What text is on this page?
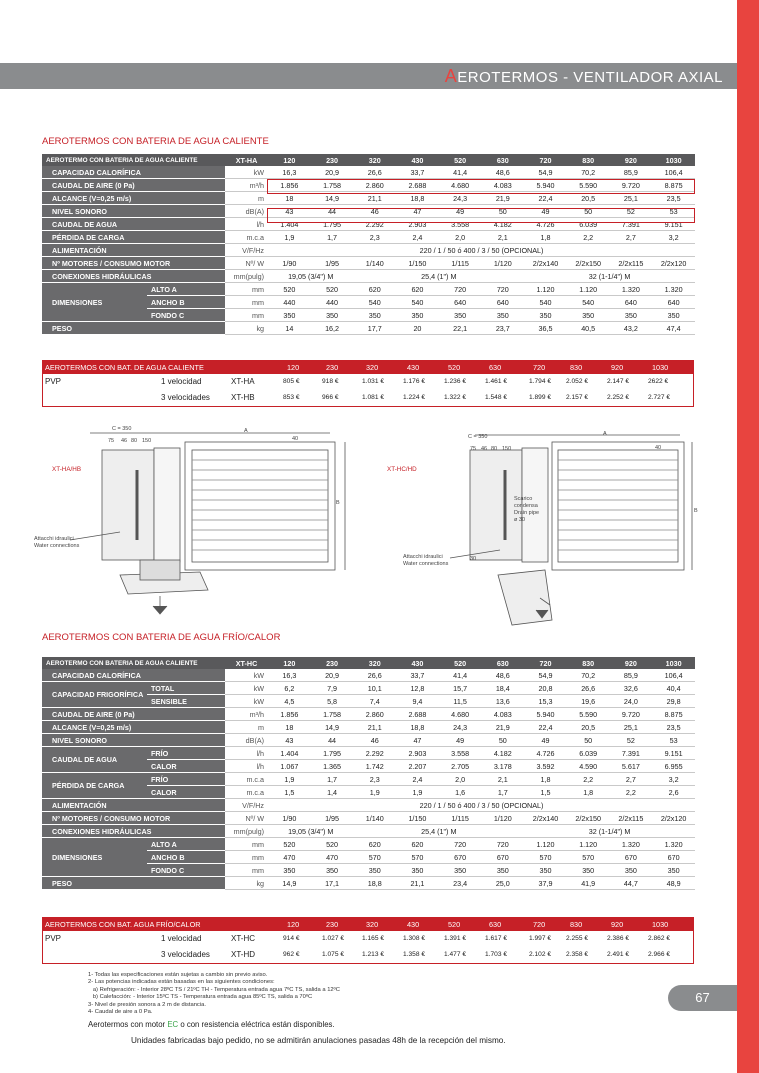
AEROTERMOS - VENTILADOR AXIAL
AEROTERMOS CON BATERIA DE AGUA CALIENTE
AEROTERMO CON BATERIA DE AGUA CALIENTE		XT-HA	120	230	320	430	520	630	720	830	920	1030
CAPACIDAD CALORÍFICA		kW	16,3	20,9	26,6	33,7	41,4	48,6	54,9	70,2	85,9	106,4
CAUDAL DE AIRE (0 Pa)		m³/h	1.856	1.758	2.860	2.688	4.680	4.083	5.940	5.590	9.720	8.875
ALCANCE (V=0,25 m/s)		m	18	14,9	21,1	18,8	24,3	21,9	22,4	20,5	25,1	23,5
NIVEL SONORO		dB(A)	43	44	46	47	49	50	49	50	52	53
CAUDAL DE AGUA		l/h	1.404	1.795	2.292	2.903	3.558	4.182	4.726	6.039	7.391	9.151
PÉRDIDA DE CARGA		m.c.a	1,9	1,7	2,3	2,4	2,0	2,1	1,8	2,2	2,7	3,2
ALIMENTACIÓN		V/F/Hz	220 / 1 / 50 ó 400 / 3 / 50 (OPCIONAL)									
Nº MOTORES / CONSUMO MOTOR		Nº/ W	1/90	1/95	1/140	1/150	1/115	1/120	2/2x140	2/2x150	2/2x115	2/2x120
CONEXIONES HIDRÁULICAS		mm(pulg)	19,05 (3/4") M		25,4 (1") M				32 (1-1/4") M			
DIMENSIONES	ALTO A	mm	520	520	620	620	720	720	1.120	1.120	1.320	1.320
	ANCHO B	mm	440	440	540	540	640	640	540	540	640	640
	FONDO C	mm	350	350	350	350	350	350	350	350	350	350
PESO		kg	14	16,2	17,7	20	22,1	23,7	36,5	40,5	43,2	47,4
AEROTERMOS CON BAT. DE AGUA CALIENTE	120	230	320	430	520	630	720	830	920	1030
PVP	1 velocidad	XT-HA	805 €	918 €	1.031 €	1.176 €	1.236 €	1.461 €	1.794 € 2.052 €	2.147 €	2622 €
3 velocidades	XT-HB	853 €	966 €	1.081 €	1.224 €	1.322 €	1.548 €	1.899 € 2.157 €	2.252 €	2.727 €
XT-HA/HB	XT-HC/HD
C = 350
C = 350
75 46 80 150
75 46 80 150
A	A
B
B
40
40
30
Attacchi idraulici
Water connections
Attacchi idraulici
Water connections
Scarico
condensa
Drain pipe
ø 30
AEROTERMOS CON BATERIA DE AGUA FRÍO/CALOR
AEROTERMO CON BATERIA DE AGUA CALIENTE		XT-HC	120	230	320	430	520	630	720	830	920	1030
CAPACIDAD CALORÍFICA		kW	16,3	20,9	26,6	33,7	41,4	48,6	54,9	70,2	85,9	106,4
CAPACIDAD FRIGORÍFICA	TOTAL	kW	6,2	7,9	10,1	12,8	15,7	18,4	20,8	26,6	32,6	40,4
	SENSIBLE	kW	4,5	5,8	7,4	9,4	11,5	13,6	15,3	19,6	24,0	29,8
CAUDAL DE AIRE (0 Pa)		m³/h	1.856	1.758	2.860	2.688	4.680	4.083	5.940	5.590	9.720	8.875
ALCANCE (V=0,25 m/s)		m	18	14,9	21,1	18,8	24,3	21,9	22,4	20,5	25,1	23,5
NIVEL SONORO		dB(A)	43	44	46	47	49	50	49	50	52	53
CAUDAL DE AGUA	FRÍO	l/h	1.404	1.795	2.292	2.903	3.558	4.182	4.726	6.039	7.391	9.151
	CALOR	l/h	1.067	1.365	1.742	2.207	2.705	3.178	3.592	4.590	5.617	6.955
PÉRDIDA DE CARGA	FRÍO	m.c.a	1,9	1,7	2,3	2,4	2,0	2,1	1,8	2,2	2,7	3,2
	CALOR	m.c.a	1,5	1,4	1,9	1,9	1,6	1,7	1,5	1,8	2,2	2,6
ALIMENTACIÓN		V/F/Hz	220 / 1 / 50 ó 400 / 3 / 50 (OPCIONAL)									
Nº MOTORES / CONSUMO MOTOR		Nº/ W	1/90	1/95	1/140	1/150	1/115	1/120	2/2x140	2/2x150	2/2x115	2/2x120
CONEXIONES HIDRÁULICAS		mm(pulg)	19,05 (3/4") M		25,4 (1") M				32 (1-1/4") M			
DIMENSIONES	ALTO A	mm	520	520	620	620	720	720	1.120	1.120	1.320	1.320
	ANCHO B	mm	470	470	570	570	670	670	570	570	670	670
	FONDO C	mm	350	350	350	350	350	350	350	350	350	350
PESO		kg	14,9	17,1	18,8	21,1	23,4	25,0	37,9	41,9	44,7	48,9
AEROTERMOS CON BAT. AGUA FRÍO/CALOR	120	230	320	430	520	630	720	830	920	1030
PVP	1 velocidad	XT-HC	914 €	1.027 €	1.165 €	1.308 €	1.391 €	1.617 €	1.997 € 2.255 €	2.386 €	2.862 €
3 velocidades	XT-HD	962 €	1.075 €	1.213 €	1.358 €	1.477 €	1.703 €	2.102 € 2.358 €	2.491 €	2.966 €
1- Todas las especificaciones están sujetas a cambio sin previo aviso.
2- Las potencias indicadas están basadas en las siguientes condiciones:
a) Refrigeración: - Interior 28ºC TS / 21ºC TH - Temperatura entrada agua 7ºC TS, salida a 12ºC
b) Calefacción: - Interior 15ºC TS - Temperatura entrada agua 85ºC TS, salida a 70ºC
3- Nivel de presión sonora a 2 m de distancia.
4- Caudal de aire a 0 Pa.
Aerotermos con motor EC o con resistencia eléctrica están disponibles.
Unidades fabricadas bajo pedido, no se admitirán anulaciones pasadas 48h de la recepción del mismo.
67
